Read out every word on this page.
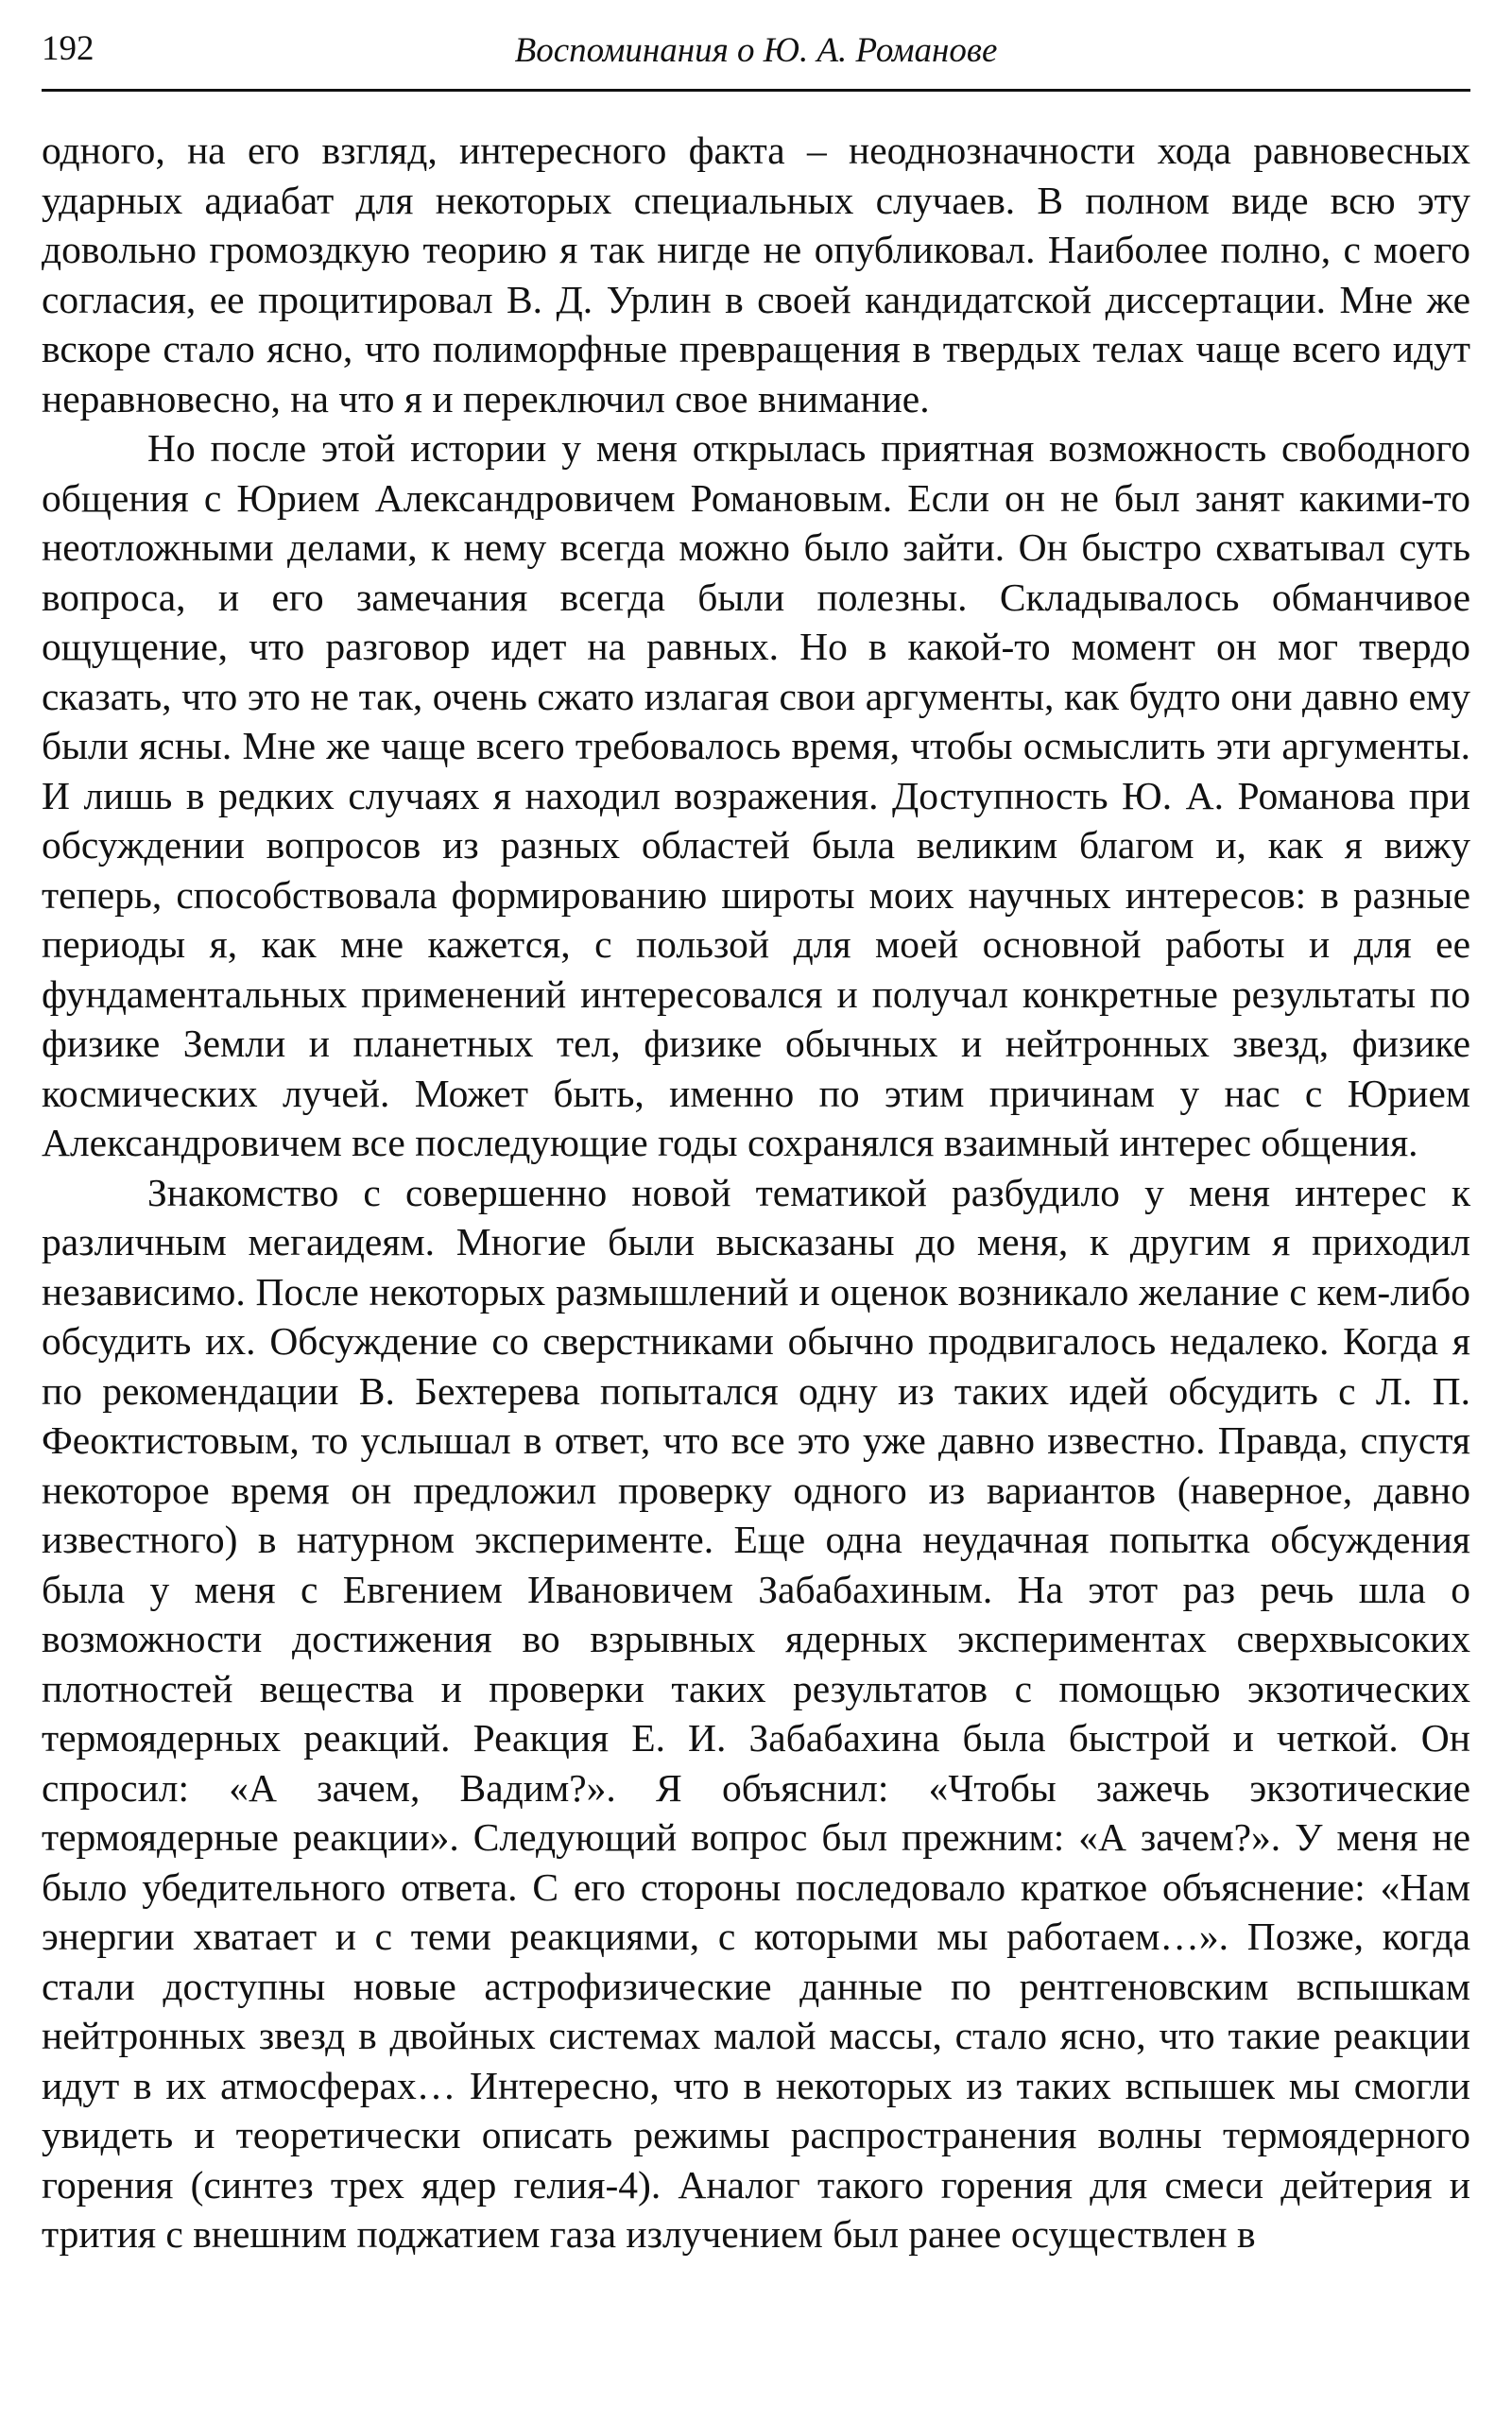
192	Воспоминания о Ю. А. Романове

одного, на его взгляд, интересного факта – неоднозначности хода равновесных ударных адиабат для некоторых специальных случаев. В полном виде всю эту довольно громоздкую теорию я так нигде не опубликовал. Наиболее полно, с моего согласия, ее процитировал В. Д. Урлин в своей кандидатской диссертации. Мне же вскоре стало ясно, что полиморфные превращения в твердых телах чаще всего идут неравновесно, на что я и переключил свое внимание.

Но после этой истории у меня открылась приятная возможность свободного общения с Юрием Александровичем Романовым. Если он не был занят какими-то неотложными делами, к нему всегда можно было зайти. Он быстро схватывал суть вопроса, и его замечания всегда были полезны. Складывалось обманчивое ощущение, что разговор идет на равных. Но в какой-то момент он мог твердо сказать, что это не так, очень сжато излагая свои аргументы, как будто они давно ему были ясны. Мне же чаще всего требовалось время, чтобы осмыслить эти аргументы. И лишь в редких случаях я находил возражения. Доступность Ю. А. Романова при обсуждении вопросов из разных областей была великим благом и, как я вижу теперь, способствовала формированию широты моих научных интересов: в разные периоды я, как мне кажется, с пользой для моей основной работы и для ее фундаментальных применений интересовался и получал конкретные результаты по физике Земли и планетных тел, физике обычных и нейтронных звезд, физике космических лучей. Может быть, именно по этим причинам у нас с Юрием Александровичем все последующие годы сохранялся взаимный интерес общения.

Знакомство с совершенно новой тематикой разбудило у меня интерес к различным мегаидеям. Многие были высказаны до меня, к другим я приходил независимо. После некоторых размышлений и оценок возникало желание с кем-либо обсудить их. Обсуждение со сверстниками обычно продвигалось недалеко. Когда я по рекомендации В. Бехтерева попытался одну из таких идей обсудить с Л. П. Феоктистовым, то услышал в ответ, что все это уже давно известно. Правда, спустя некоторое время он предложил проверку одного из вариантов (наверное, давно известного) в натурном эксперименте. Еще одна неудачная попытка обсуждения была у меня с Евгением Ивановичем Забабахиным. На этот раз речь шла о возможности достижения во взрывных ядерных экспериментах сверхвысоких плотностей вещества и проверки таких результатов с помощью экзотических термоядерных реакций. Реакция Е. И. Забабахина была быстрой и четкой. Он спросил: «А зачем, Вадим?». Я объяснил: «Чтобы зажечь экзотические термоядерные реакции». Следующий вопрос был прежним: «А зачем?». У меня не было убедительного ответа. С его стороны последовало краткое объяснение: «Нам энергии хватает и с теми реакциями, с которыми мы работаем…». Позже, когда стали доступны новые астрофизические данные по рентгеновским вспышкам нейтронных звезд в двойных системах малой массы, стало ясно, что такие реакции идут в их атмосферах… Интересно, что в некоторых из таких вспышек мы смогли увидеть и теоретически описать режимы распространения волны термоядерного горения (синтез трех ядер гелия-4). Аналог такого горения для смеси дейтерия и трития с внешним поджатием газа излучением был ранее осуществлен в
